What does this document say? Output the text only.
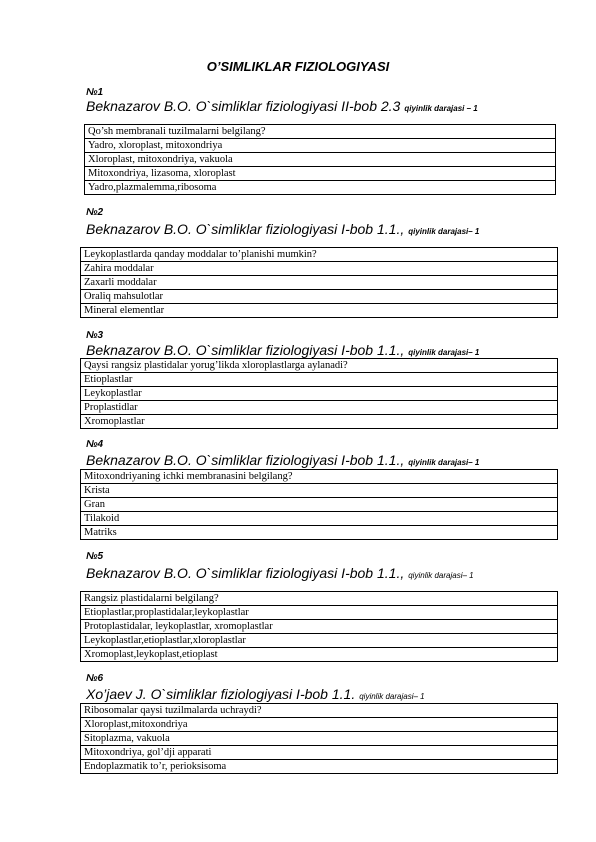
O’SIMLIKLAR FIZIOLOGIYASI
№1
Beknazarov B.O. O`simliklar fiziologiyasi II-bob 2.3 qiyinlik darajasi – 1
Qo’sh membranali tuzilmalarni belgilang?
Yadro, xloroplast, mitoxondriya
Xloroplast, mitoxondriya, vakuola
Mitoxondriya, lizasoma, xloroplast
Yadro,plazmalemma,ribosoma
№2
Beknazarov B.O. O`simliklar fiziologiyasi I-bob 1.1., qiyinlik darajasi– 1
Leykoplastlarda qanday moddalar to’planishi mumkin?
Zahira moddalar
Zaxarli moddalar
Oraliq mahsulotlar
Mineral elementlar
№3
Beknazarov B.O. O`simliklar fiziologiyasi I-bob 1.1., qiyinlik darajasi– 1
Qaysi rangsiz plastidalar yorug’likda xloroplastlarga aylanadi?
Etioplastlar
Leykoplastlar
Proplastidlar
Xromoplastlar
№4
Beknazarov B.O. O`simliklar fiziologiyasi I-bob 1.1., qiyinlik darajasi– 1
Mitoxondriyaning ichki membranasini belgilang?
Krista
Gran
Tilakoid
Matriks
№5
Beknazarov B.O. O`simliklar fiziologiyasi I-bob 1.1., qiyinlik darajasi– 1
Rangsiz plastidalarni belgilang?
Etioplastlar,proplastidalar,leykoplastlar
Protoplastidalar, leykoplastlar, xromoplastlar
Leykoplastlar,etioplastlar,xloroplastlar
Xromoplast,leykoplast,etioplast
№6
Xo’jaev J. O`simliklar fiziologiyasi I-bob 1.1. qiyinlik darajasi– 1
Ribosomalar qaysi tuzilmalarda uchraydi?
Xloroplast,mitoxondriya
Sitoplazma, vakuola
Mitoxondriya, gol’dji apparati
Endoplazmatik to’r, perioksisoma
